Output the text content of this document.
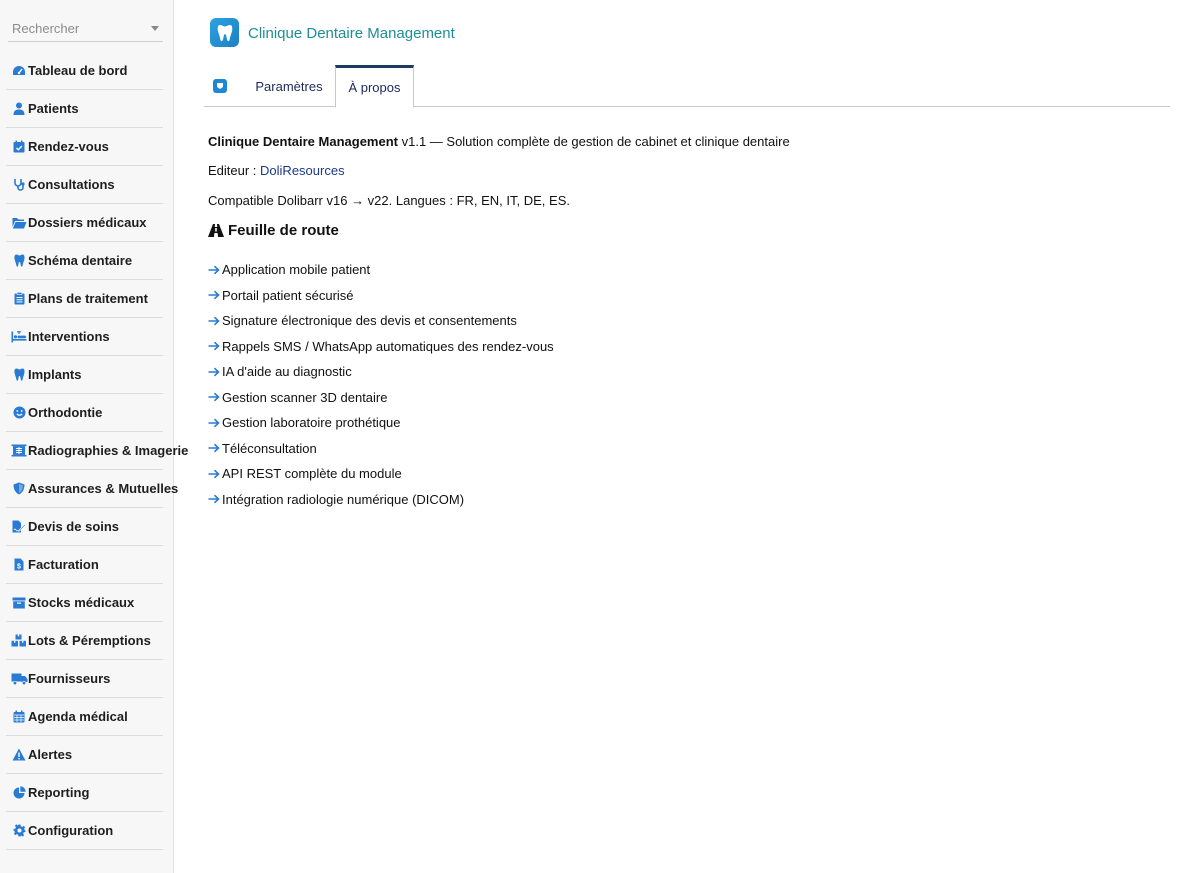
Rechercher
Tableau de bord
Patients
Rendez-vous
Consultations
Dossiers médicaux
Schéma dentaire
Plans de traitement
Interventions
Implants
Orthodontie
Radiographies & Imagerie
Assurances & Mutuelles
Devis de soins
$ Facturation
Stocks médicaux
Lots & Péremptions
Fournisseurs
Agenda médical
Alertes
Reporting
Configuration
Clinique Dentaire Management
Paramètres	À propos
Clinique Dentaire Management v1.1 — Solution complète de gestion de cabinet et clinique dentaire
Editeur : DoliResources
Compatible Dolibarr v16 → v22. Langues : FR, EN, IT, DE, ES.
Feuille de route
Application mobile patient
Portail patient sécurisé
Signature électronique des devis et consentements
Rappels SMS / WhatsApp automatiques des rendez-vous
IA d'aide au diagnostic
Gestion scanner 3D dentaire
Gestion laboratoire prothétique
Téléconsultation
API REST complète du module
Intégration radiologie numérique (DICOM)
